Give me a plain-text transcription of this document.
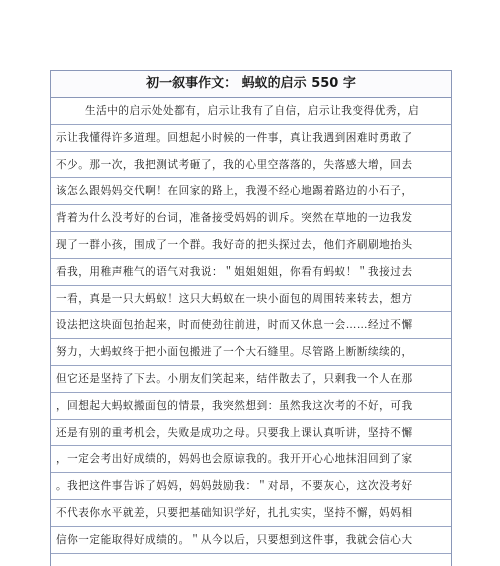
初一叙事作文： 蚂蚁的启示 550 字
生活中的启示处处都有，启示让我有了自信，启示让我变得优秀，启
示让我懂得许多道理。回想起小时候的一件事，真让我遇到困难时勇敢了
不少。那一次，我把测试考砸了，我的心里空落落的，失落感大增，回去
该怎么跟妈妈交代啊！在回家的路上，我漫不经心地踢着路边的小石子，
背着为什么没考好的台词，准备接受妈妈的训斥。突然在草地的一边我发
现了一群小孩，围成了一个群。我好奇的把头探过去，他们齐刷刷地抬头
看我，用稚声稚气的语气对我说：＂姐姐姐姐，你看有蚂蚁！＂我接过去
一看，真是一只大蚂蚁！这只大蚂蚁在一块小面包的周围转来转去，想方
设法把这块面包抬起来，时而使劲往前进，时而又休息一会……经过不懈
努力，大蚂蚁终于把小面包搬进了一个大石缝里。尽管路上断断续续的，
但它还是坚持了下去。小朋友们笑起来，结伴散去了，只剩我一个人在那
，回想起大蚂蚁搬面包的情景，我突然想到：虽然我这次考的不好，可我
还是有别的重考机会，失败是成功之母。只要我上课认真听讲，坚持不懈
，一定会考出好成绩的，妈妈也会原谅我的。我开开心心地抹泪回到了家
。我把这件事告诉了妈妈，妈妈鼓励我：＂对昂，不要灰心，这次没考好
不代表你水平就差，只要把基础知识学好，扎扎实实，坚持不懈，妈妈相
信你一定能取得好成绩的。＂从今以后，只要想到这件事，我就会信心大
